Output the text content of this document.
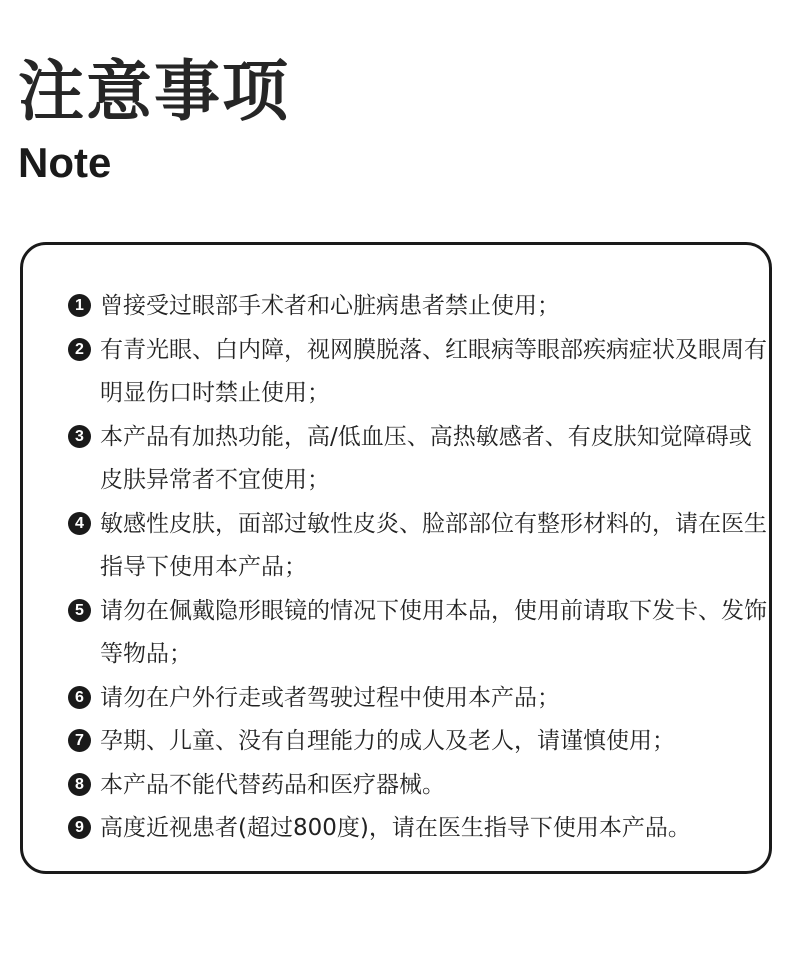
注意事项
Note
1 曾接受过眼部手术者和心脏病患者禁止使用；
2 有青光眼、白内障，视网膜脱落、红眼病等眼部疾病症状及眼周有明显伤口时禁止使用；
3 本产品有加热功能，高/低血压、高热敏感者、有皮肤知觉障碍或皮肤异常者不宜使用；
4 敏感性皮肤，面部过敏性皮炎、脸部部位有整形材料的，请在医生指导下使用本产品；
5 请勿在佩戴隐形眼镜的情况下使用本品，使用前请取下发卡、发饰等物品；
6 请勿在户外行走或者驾驶过程中使用本产品；
7 孕期、儿童、没有自理能力的成人及老人，请谨慎使用；
8 本产品不能代替药品和医疗器械。
9 高度近视患者(超过800度)，请在医生指导下使用本产品。
